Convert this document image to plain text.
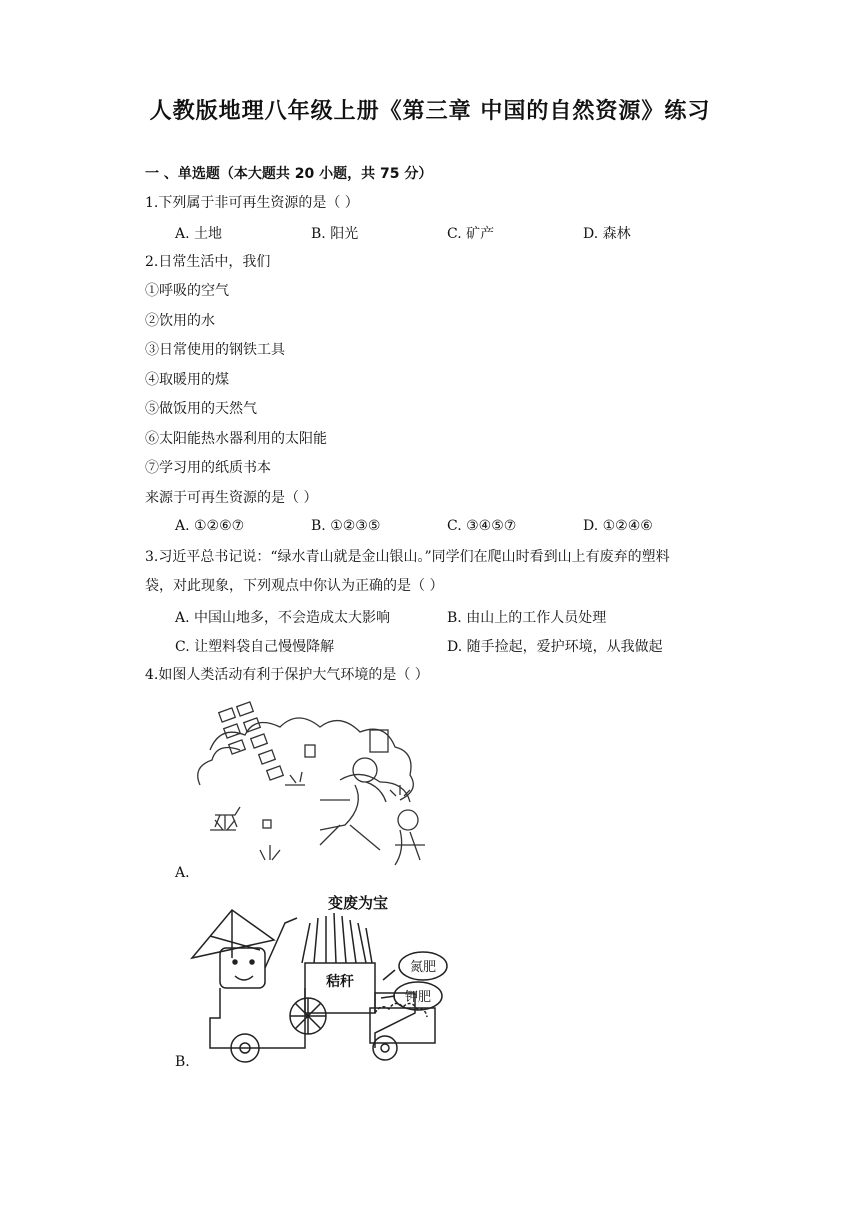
人教版地理八年级上册《第三章 中国的自然资源》练习
一 、单选题（本大题共 20 小题，共 75 分）
1.下列属于非可再生资源的是（ ）
A. 土地	B. 阳光	C. 矿产	D. 森林
2.日常生活中，我们
①呼吸的空气
②饮用的水
③日常使用的钢铁工具
④取暖用的煤
⑤做饭用的天然气
⑥太阳能热水器利用的太阳能
⑦学习用的纸质书本
来源于可再生资源的是（ ）
A. ①②⑥⑦	B. ①②③⑤	C. ③④⑤⑦	D. ①②④⑥
3.习近平总书记说：“绿水青山就是金山银山。”同学们在爬山时看到山上有废弃的塑料
袋，对此现象，下列观点中你认为正确的是（ ）
A. 中国山地多，不会造成太大影响	B. 由山上的工作人员处理
C. 让塑料袋自己慢慢降解	D. 随手捡起，爱护环境，从我做起
4.如图人类活动有利于保护大气环境的是（ ）
A.
变废为宝
秸秆
氮肥
钾肥
B.
